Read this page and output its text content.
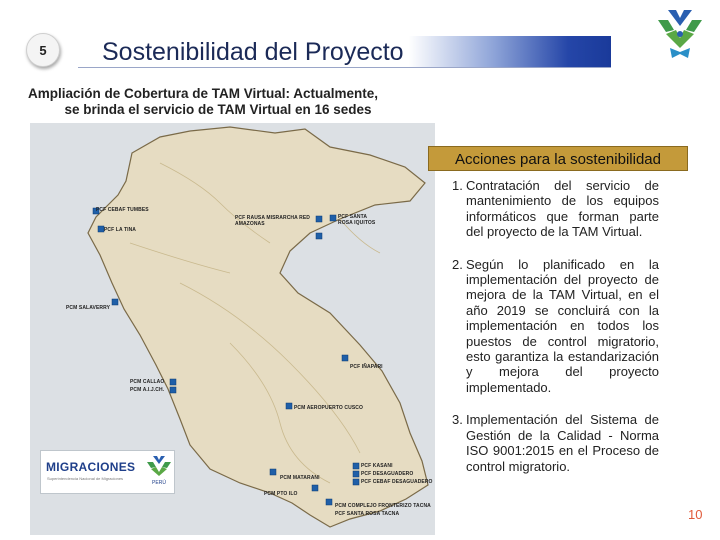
5 Sostenibilidad del Proyecto
Ampliación de Cobertura de TAM Virtual: Actualmente,
se brinda el servicio de TAM Virtual en 16 sedes
PCF CEBAF TUMBES
PCF LA TINA
PCF RAUSA MISRARCHA RED AMAZONAS
PCF SANTA ROSA IQUITOS
PCM SALAVERRY
PCF IÑAPARI
PCM CALLAO
PCM A.I.J.CH.
PCM AEROPUERTO CUSCO
PCF KASANI
PCF DESAGUADERO
PCF CEBAF DESAGUADERO
PCM MATARANI
PCM PTO ILO
PCM COMPLEJO FRONTERIZO TACNA
PCF SANTA ROSA TACNA
MIGRACIONES
Superintendencia Nacional de Migraciones
PERÚ
Acciones para la sostenibilidad
1. Contratación del servicio de mantenimiento de los equipos informáticos que forman parte del proyecto de la TAM Virtual.
2. Según lo planificado en la implementación del proyecto de mejora de la TAM Virtual, en el año 2019 se concluirá con la implementación en todos los puestos de control migratorio, esto garantiza la estandarización y mejora del proyecto implementado.
3. Implementación del Sistema de Gestión de la Calidad - Norma ISO 9001:2015 en el Proceso de control migratorio.
10
